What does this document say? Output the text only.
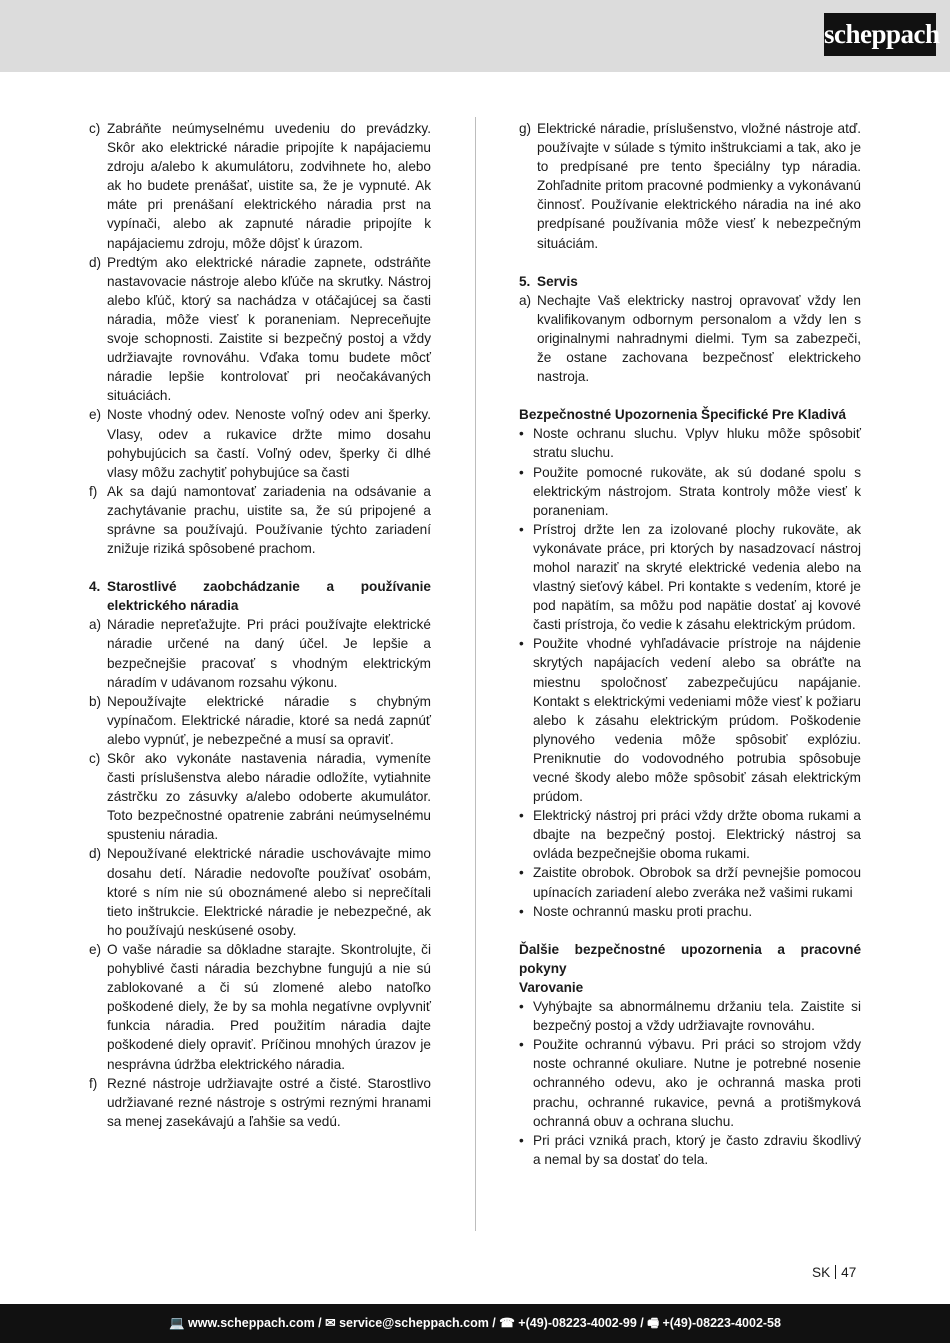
scheppach
c) Zabráňte neúmyselnému uvedeniu do prevádzky. Skôr ako elektrické náradie pripojíte k napájaciemu zdroju a/alebo k akumulátoru, zodvihnete ho, alebo ak ho budete prenášať, uistite sa, že je vypnuté. Ak máte pri prenášaní elektrického náradia prst na vypínači, alebo ak zapnuté náradie pripojíte k napájaciemu zdroju, môže dôjsť k úrazom.
d) Predtým ako elektrické náradie zapnete, odstráňte nastavovacie nástroje alebo kľúče na skrutky. Nástroj alebo kľúč, ktorý sa nachádza v otáčajúcej sa časti náradia, môže viesť k poraneniam. Nepreceňujte svoje schopnosti. Zaistite si bezpečný postoj a vždy udržiavajte rovnováhu. Vďaka tomu budete môcť náradie lepšie kontrolovať pri neočakávaných situáciách.
e) Noste vhodný odev. Nenoste voľný odev ani šperky. Vlasy, odev a rukavice držte mimo dosahu pohybujúcich sa častí. Voľný odev, šperky či dlhé vlasy môžu zachytiť pohybujúce sa časti
f) Ak sa dajú namontovať zariadenia na odsávanie a zachytávanie prachu, uistite sa, že sú pripojené a správne sa používajú. Používanie týchto zariadení znižuje riziká spôsobené prachom.
4. Starostlivé zaobchádzanie a používanie elektrického náradia
a) Náradie nepreťažujte. Pri práci používajte elektrické náradie určené na daný účel. Je lepšie a bezpečnejšie pracovať s vhodným elektrickým náradím v udávanom rozsahu výkonu.
b) Nepoužívajte elektrické náradie s chybným vypínačom. Elektrické náradie, ktoré sa nedá zapnúť alebo vypnúť, je nebezpečné a musí sa opraviť.
c) Skôr ako vykonáte nastavenia náradia, vymeníte časti príslušenstva alebo náradie odložíte, vytiahnite zástrčku zo zásuvky a/alebo odoberte akumulátor. Toto bezpečnostné opatrenie zabráni neúmyselnému spusteniu náradia.
d) Nepoužívané elektrické náradie uschovávajte mimo dosahu detí. Náradie nedovoľte používať osobám, ktoré s ním nie sú oboznámené alebo si neprečítali tieto inštrukcie. Elektrické náradie je nebezpečné, ak ho používajú neskúsené osoby.
e) O vaše náradie sa dôkladne starajte. Skontrolujte, či pohyblivé časti náradia bezchybne fungujú a nie sú zablokované a či sú zlomené alebo natoľko poškodené diely, že by sa mohla negatívne ovplyvniť funkcia náradia. Pred použitím náradia dajte poškodené diely opraviť. Príčinou mnohých úrazov je nesprávna údržba elektrického náradia.
f) Rezné nástroje udržiavajte ostré a čisté. Starostlivo udržiavané rezné nástroje s ostrými reznými hranami sa menej zasekávajú a ľahšie sa vedú.
g) Elektrické náradie, príslušenstvo, vložné nástroje atď. používajte v súlade s týmito inštrukciami a tak, ako je to predpísané pre tento špeciálny typ náradia. Zohľadnite pritom pracovné podmienky a vykonávanú činnosť. Používanie elektrického náradia na iné ako predpísané používania môže viesť k nebezpečným situáciám.
5. Servis
a) Nechajte Vaš elektricky nastroj opravovať vždy len kvalifikovanym odbornym personalom a vždy len s originalnymi nahradnymi dielmi. Tym sa zabezpeči, že ostane zachovana bezpečnosť elektrickeho nastroja.
Bezpečnostné Upozornenia Špecifické Pre Kladivá
• Noste ochranu sluchu. Vplyv hluku môže spôsobiť stratu sluchu.
• Použite pomocné rukoväte, ak sú dodané spolu s elektrickým nástrojom. Strata kontroly môže viesť k poraneniam.
• Prístroj držte len za izolované plochy rukoväte, ak vykonávate práce, pri ktorých by nasadzovací nástroj mohol naraziť na skryté elektrické vedenia alebo na vlastný sieťový kábel. Pri kontakte s vedením, ktoré je pod napätím, sa môžu pod napätie dostať aj kovové časti prístroja, čo vedie k zásahu elektrickým prúdom.
• Použite vhodné vyhľadávacie prístroje na nájdenie skrytých napájacích vedení alebo sa obráťte na miestnu spoločnosť zabezpečujúcu napájanie. Kontakt s elektrickými vedeniami môže viesť k požiaru alebo k zásahu elektrickým prúdom. Poškodenie plynového vedenia môže spôsobiť explóziu. Preniknutie do vodovodného potrubia spôsobuje vecné škody alebo môže spôsobiť zásah elektrickým prúdom.
• Elektrický nástroj pri práci vždy držte oboma rukami a dbajte na bezpečný postoj. Elektrický nástroj sa ovláda bezpečnejšie oboma rukami.
• Zaistite obrobok. Obrobok sa drží pevnejšie pomocou upínacích zariadení alebo zveráka než vašimi rukami
• Noste ochrannú masku proti prachu.
Ďalšie bezpečnostné upozornenia a pracovné pokyny
Varovanie
• Vyhýbajte sa abnormálnemu držaniu tela. Zaistite si bezpečný postoj a vždy udržiavajte rovnováhu.
• Použite ochrannú výbavu. Pri práci so strojom vždy noste ochranné okuliare. Nutne je potrebné nosenie ochranného odevu, ako je ochranná maska proti prachu, ochranné rukavice, pevná a protišmyková ochranná obuv a ochrana sluchu.
• Pri práci vzniká prach, ktorý je často zdraviu škodlivý a nemal by sa dostať do tela.
SK 47
💻 www.scheppach.com / ✉ service@scheppach.com / ☎ +(49)-08223-4002-99 / 🖷 +(49)-08223-4002-58
